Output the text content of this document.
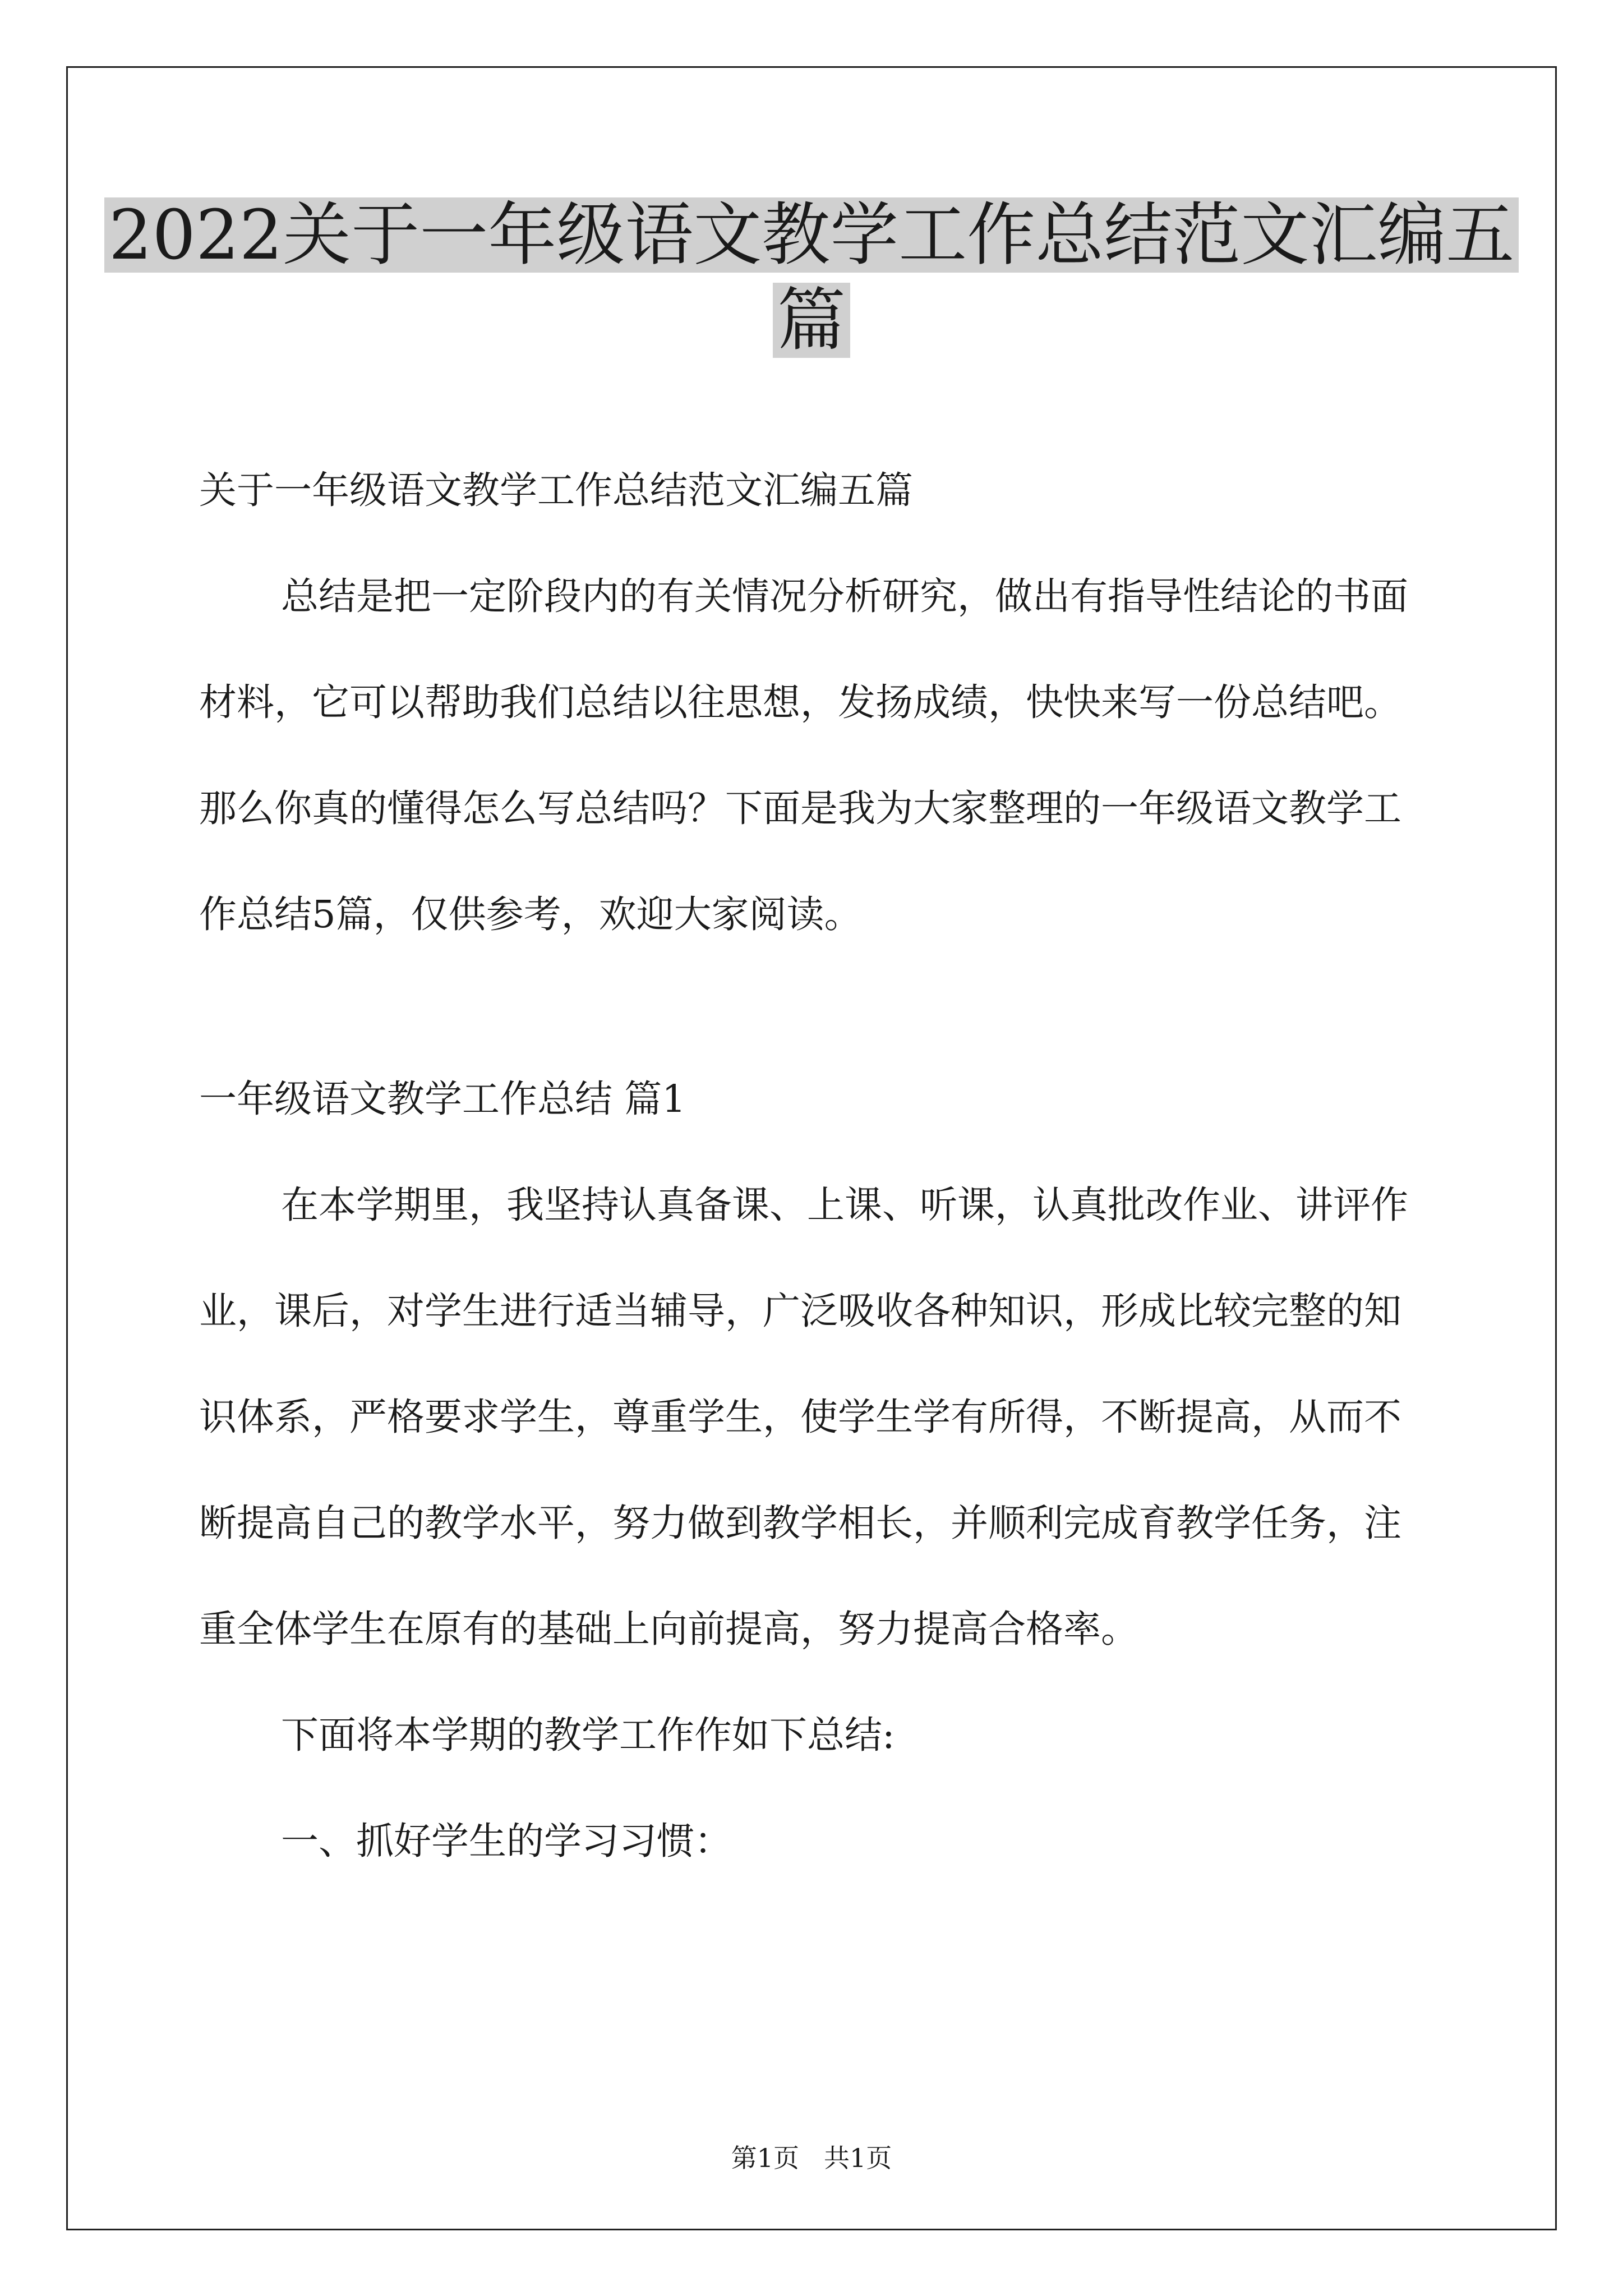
2022关于一年级语文教学工作总结范文汇编五
篇

关于一年级语文教学工作总结范文汇编五篇

总结是把一定阶段内的有关情况分析研究，做出有指导性结论的书面材料，它可以帮助我们总结以往思想，发扬成绩，快快来写一份总结吧。那么你真的懂得怎么写总结吗？下面是我为大家整理的一年级语文教学工作总结5篇，仅供参考，欢迎大家阅读。

一年级语文教学工作总结 篇1

在本学期里，我坚持认真备课、上课、听课，认真批改作业、讲评作业，课后，对学生进行适当辅导，广泛吸收各种知识，形成比较完整的知识体系，严格要求学生，尊重学生，使学生学有所得，不断提高，从而不断提高自己的教学水平，努力做到教学相长，并顺利完成育教学任务，注重全体学生在原有的基础上向前提高，努力提高合格率。

下面将本学期的教学工作作如下总结:

一、抓好学生的学习习惯：

第1页 共1页
